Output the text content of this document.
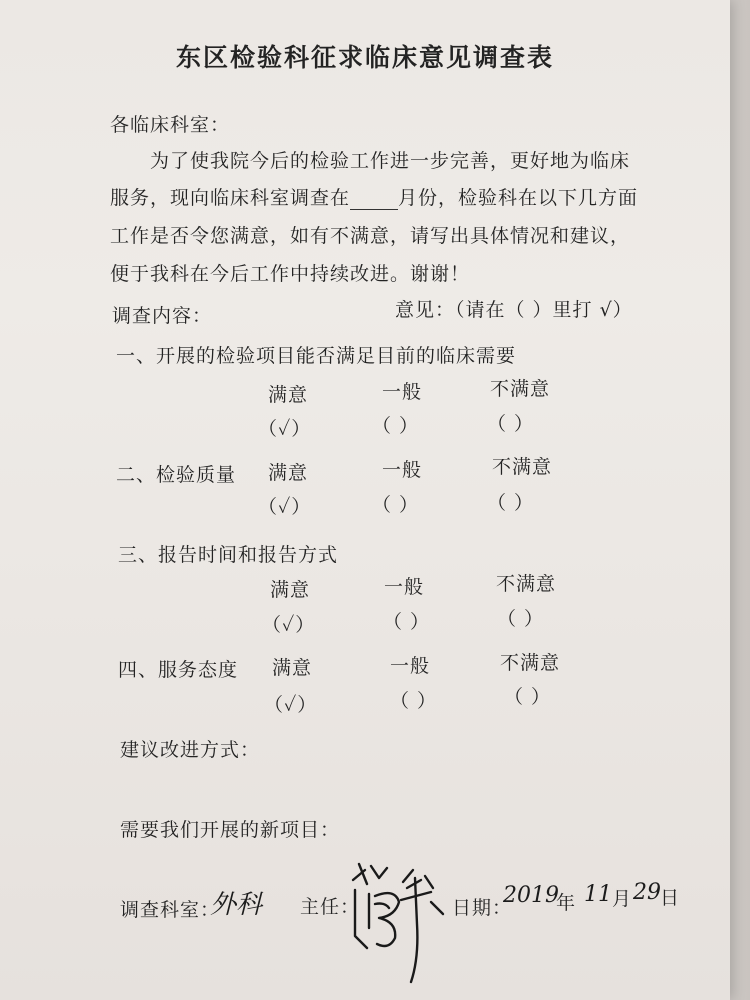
东区检验科征求临床意见调查表
各临床科室：
为了使我院今后的检验工作进一步完善，更好地为临床
服务，现向临床科室调查在	月份，检验科在以下几方面
工作是否令您满意，如有不满意，请写出具体情况和建议，
便于我科在今后工作中持续改进。谢谢！
调查内容：	意见：（请在（ ）里打 √）
一、开展的检验项目能否满足目前的临床需要
满意	一般	不满意
（✓）	（ ）	（ ）
二、检验质量 满意	一般	不满意
（✓）	（ ）	（ ）
三、报告时间和报告方式
满意	一般	不满意
（✓）	（ ）	（ ）
四、服务态度 满意	一般	不满意
（✓）	（ ）	（ ）
建议改进方式：
需要我们开展的新项目：
调查科室：
外科 主任：	日期：
2019
年 11 月 29 日
